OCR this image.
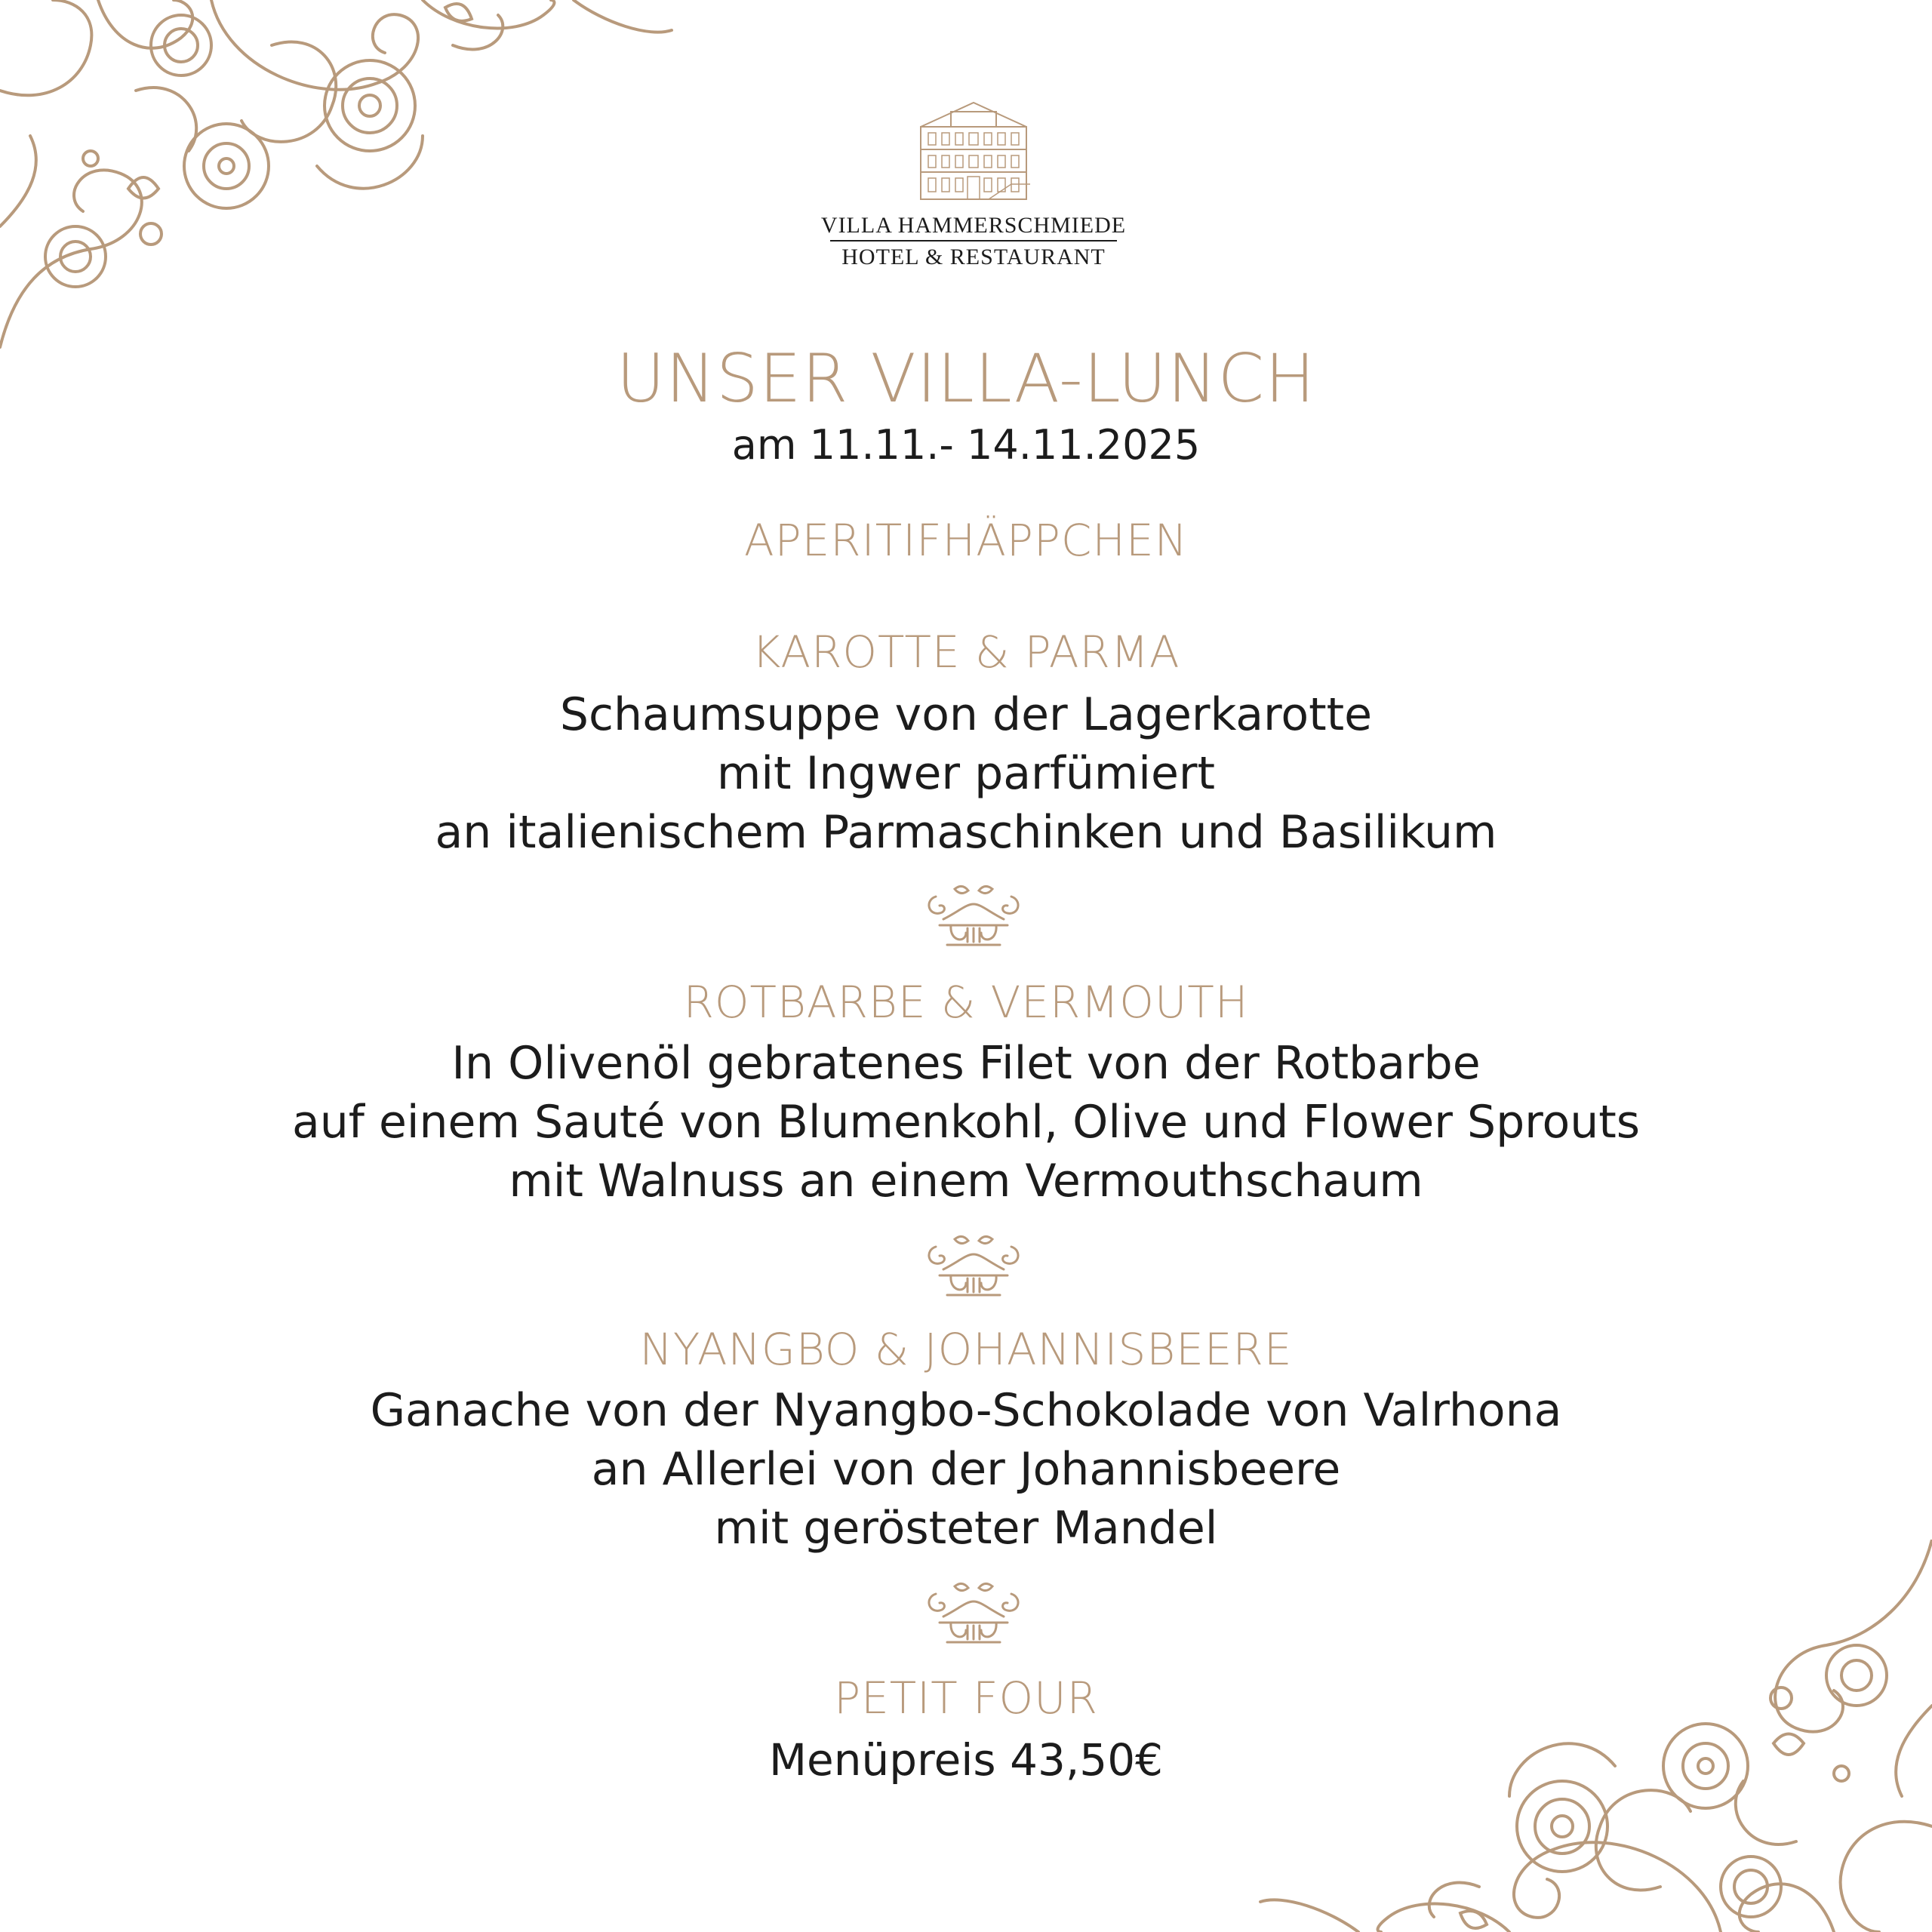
VILLA HAMMERSCHMIEDE
HOTEL & RESTAURANT
UNSER VILLA-LUNCH
am 11.11.- 14.11.2025
APERITIFHÄPPCHEN
KAROTTE & PARMA
Schaumsuppe von der Lagerkarotte
mit Ingwer parfümiert
an italienischem Parmaschinken und Basilikum
ROTBARBE & VERMOUTH
In Olivenöl gebratenes Filet von der Rotbarbe
auf einem Sauté von Blumenkohl, Olive und Flower Sprouts
mit Walnuss an einem Vermouthschaum
NYANGBO & JOHANNISBEERE
Ganache von der Nyangbo-Schokolade von Valrhona
an Allerlei von der Johannisbeere
mit gerösteter Mandel
PETIT FOUR
Menüpreis 43,50€
